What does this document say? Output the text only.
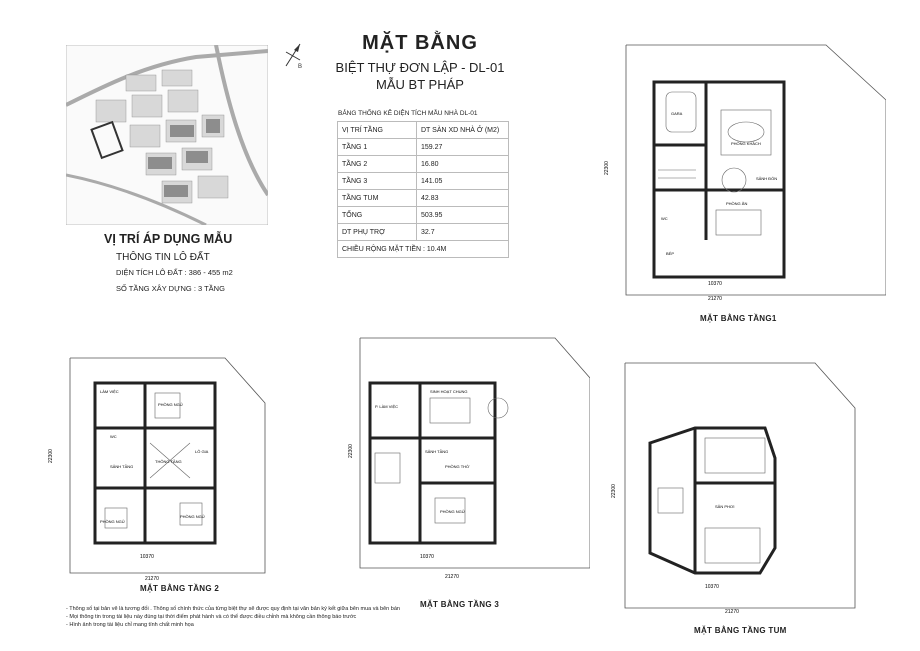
MẶT BẰNG
BIỆT THỰ ĐƠN LẬP - DL-01
MẪU BT PHÁP
B
VỊ TRÍ ÁP DỤNG MẪU
THÔNG TIN LÔ ĐẤT
DIỆN TÍCH LÔ ĐẤT : 386 - 455 m2
SỐ TẦNG XÂY DỰNG : 3 TẦNG
BẢNG THỐNG KÊ DIỆN TÍCH MẪU NHÀ DL-01
VỊ TRÍ TẦNG	DT SÀN XD NHÀ Ở (M2)
TẦNG 1	159.27
TẦNG 2	16.80
TẦNG 3	141.05
TẦNG TUM	42.83
TỔNG	503.95
DT PHỤ TRỢ	32.7
CHIỀU RỘNG MẶT TIỀN : 10.4M	
GARA
PHÒNG KHÁCH
SẢNH ĐÓN
PHÒNG ĂN
WC
BẾP
21270
10370
22300
MẶT BẰNG TẦNG1
LÀM VIỆC
PHÒNG NGỦ
WC
SẢNH TẦNG
THÔNG TẦNG
LÔ GIA
PHÒNG NGỦ
PHÒNG NGỦ
21270
10370
22300
MẶT BẰNG TẦNG 2
P. LÀM VIỆC
SINH HOẠT CHUNG
SẢNH TẦNG
PHÒNG THỜ
PHÒNG NGỦ
21270
10370
22300
MẶT BẰNG TẦNG 3
SÂN PHƠI
21270
10370
22300
MẶT BẰNG TẦNG TUM
- Thông số tại bản vẽ là tương đối . Thông số chính thức của từng biệt thự sẽ được quy định tại văn bản ký kết giữa bên mua và bên bán
- Mọi thông tin trong tài liệu này đúng tại thời điểm phát hành và có thể được điều chỉnh mà không cần thông báo trước
- Hình ảnh trong tài liệu chỉ mang tính chất minh họa
